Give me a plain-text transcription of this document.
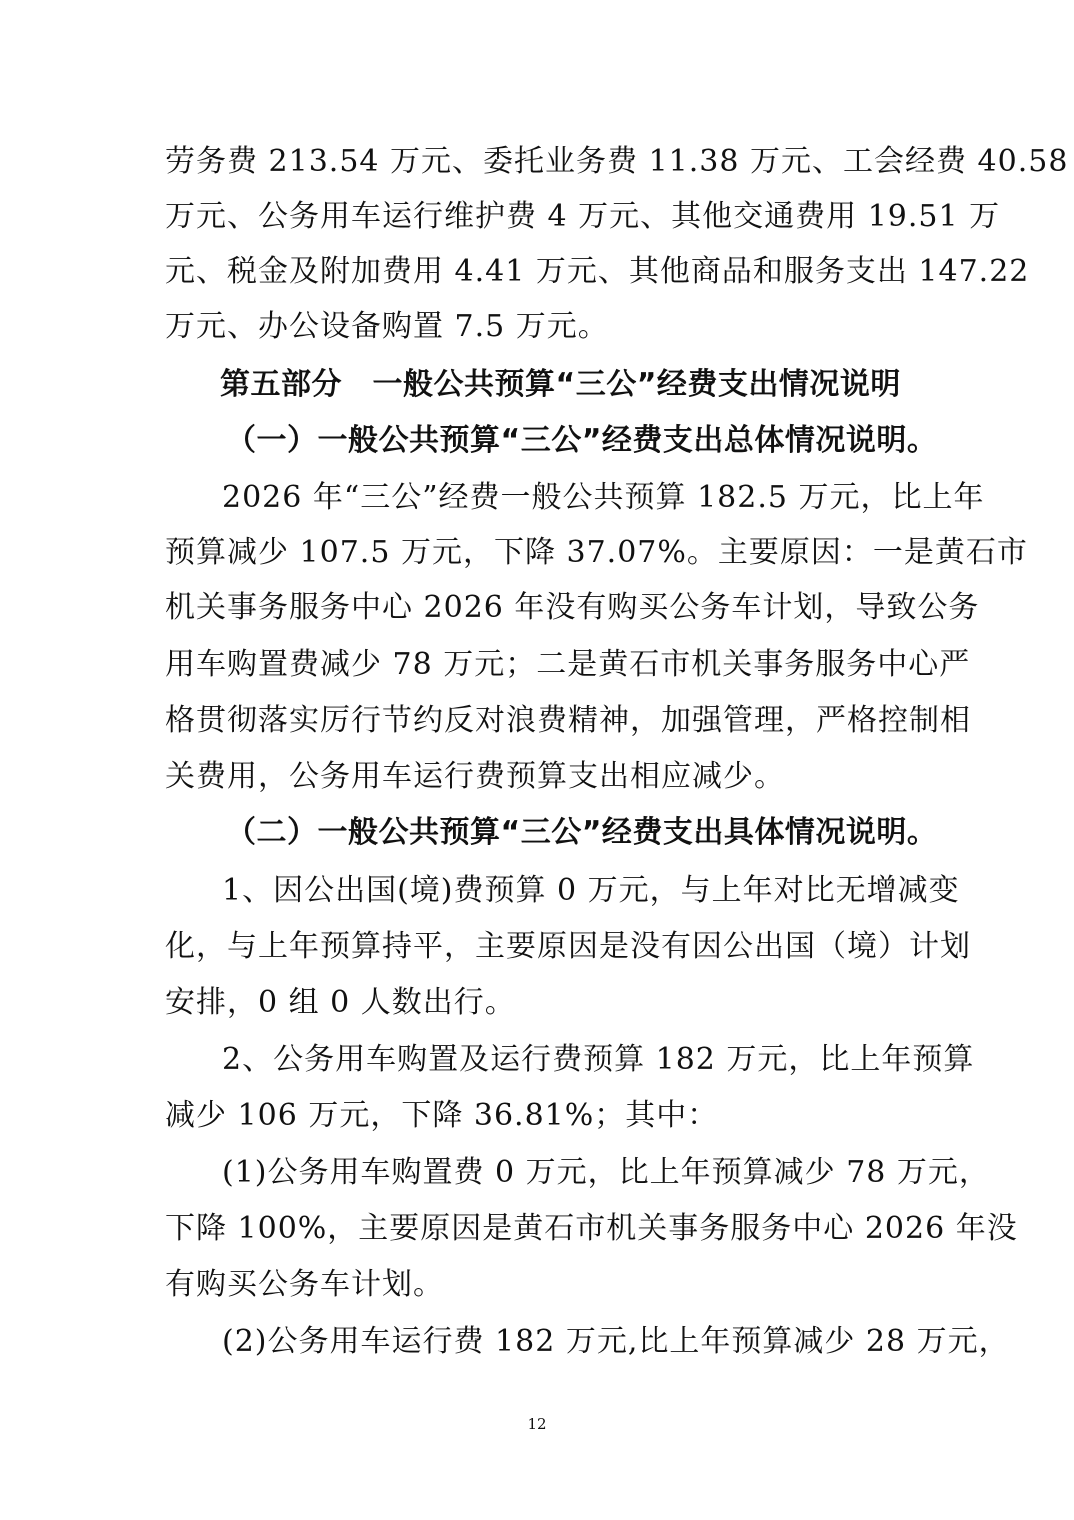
劳务费 213.54 万元、委托业务费 11.38 万元、工会经费 40.58
万元、公务用车运行维护费 4 万元、其他交通费用 19.51 万
元、税金及附加费用 4.41 万元、其他商品和服务支出 147.22
万元、办公设备购置 7.5 万元。
第五部分　一般公共预算“三公”经费支出情况说明
（一）一般公共预算“三公”经费支出总体情况说明。
2026 年“三公”经费一般公共预算 182.5 万元，比上年
预算减少 107.5 万元，下降 37.07%。主要原因：一是黄石市
机关事务服务中心 2026 年没有购买公务车计划，导致公务
用车购置费减少 78 万元；二是黄石市机关事务服务中心严
格贯彻落实厉行节约反对浪费精神，加强管理，严格控制相
关费用，公务用车运行费预算支出相应减少。
（二）一般公共预算“三公”经费支出具体情况说明。
1、因公出国(境)费预算 0 万元，与上年对比无增减变
化，与上年预算持平，主要原因是没有因公出国（境）计划
安排，0 组 0 人数出行。
2、公务用车购置及运行费预算 182 万元，比上年预算
减少 106 万元，下降 36.81%；其中：
(1)公务用车购置费 0 万元，比上年预算减少 78 万元，
下降 100%，主要原因是黄石市机关事务服务中心 2026 年没
有购买公务车计划。
(2)公务用车运行费 182 万元,比上年预算减少 28 万元，
12
